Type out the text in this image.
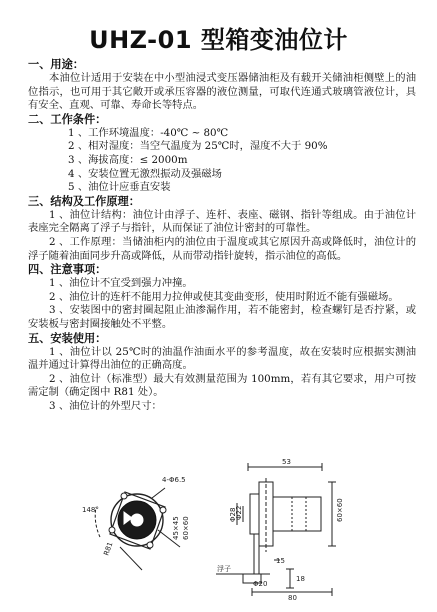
UHZ-01 型箱变油位计

一、用途：

本油位计适用于安装在中小型油浸式变压器储油柜及有载开关储油柜侧壁上的油位指示，也可用于其它敞开或承压容器的液位测量，可取代连通式玻璃管液位计，具有安全、直观、可靠、寿命长等特点。

二、工作条件：

1 、工作环境温度：-40℃ ~ 80℃

2 、相对湿度：当空气温度为 25℃时，湿度不大于 90%

3 、海拔高度：≤ 2000m

4 、安装位置无激烈振动及强磁场

5 、油位计应垂直安装

三、结构及工作原理：

1 、油位计结构：油位计由浮子、连杆、表座、磁钢、指针等组成。由于油位计表座完全隔离了浮子与指针，从而保证了油位计密封的可靠性。

2 、工作原理：当储油柜内的油位由于温度或其它原因升高或降低时，油位计的浮子随着油面同步升高或降低，从而带动指针旋转，指示油位的高低。

四、注意事项：

1 、油位计不宜受到强力冲撞。

2 、油位计的连杆不能用力拉伸或使其变曲变形，使用时附近不能有强磁场。

3 、安装图中的密封圈起阻止油渗漏作用，若不能密封，检查螺钉是否拧紧，或安装板与密封圈接触处不平整。

五、安装使用：

1 、油位计以 25℃时的油温作油面水平的参考温度，故在安装时应根据实测油温并通过计算得出油位的正确高度。

2 、油位计（标准型）最大有效测量范围为 100mm，若有其它要求，用户可按需定制（确定图中 R81 处）。

3 、油位计的外型尺寸：

4-Φ6.5
148°
R81
45×45 60×60
53
60×60
Φ28
Φ22
15
18
Φ20
80
浮子
